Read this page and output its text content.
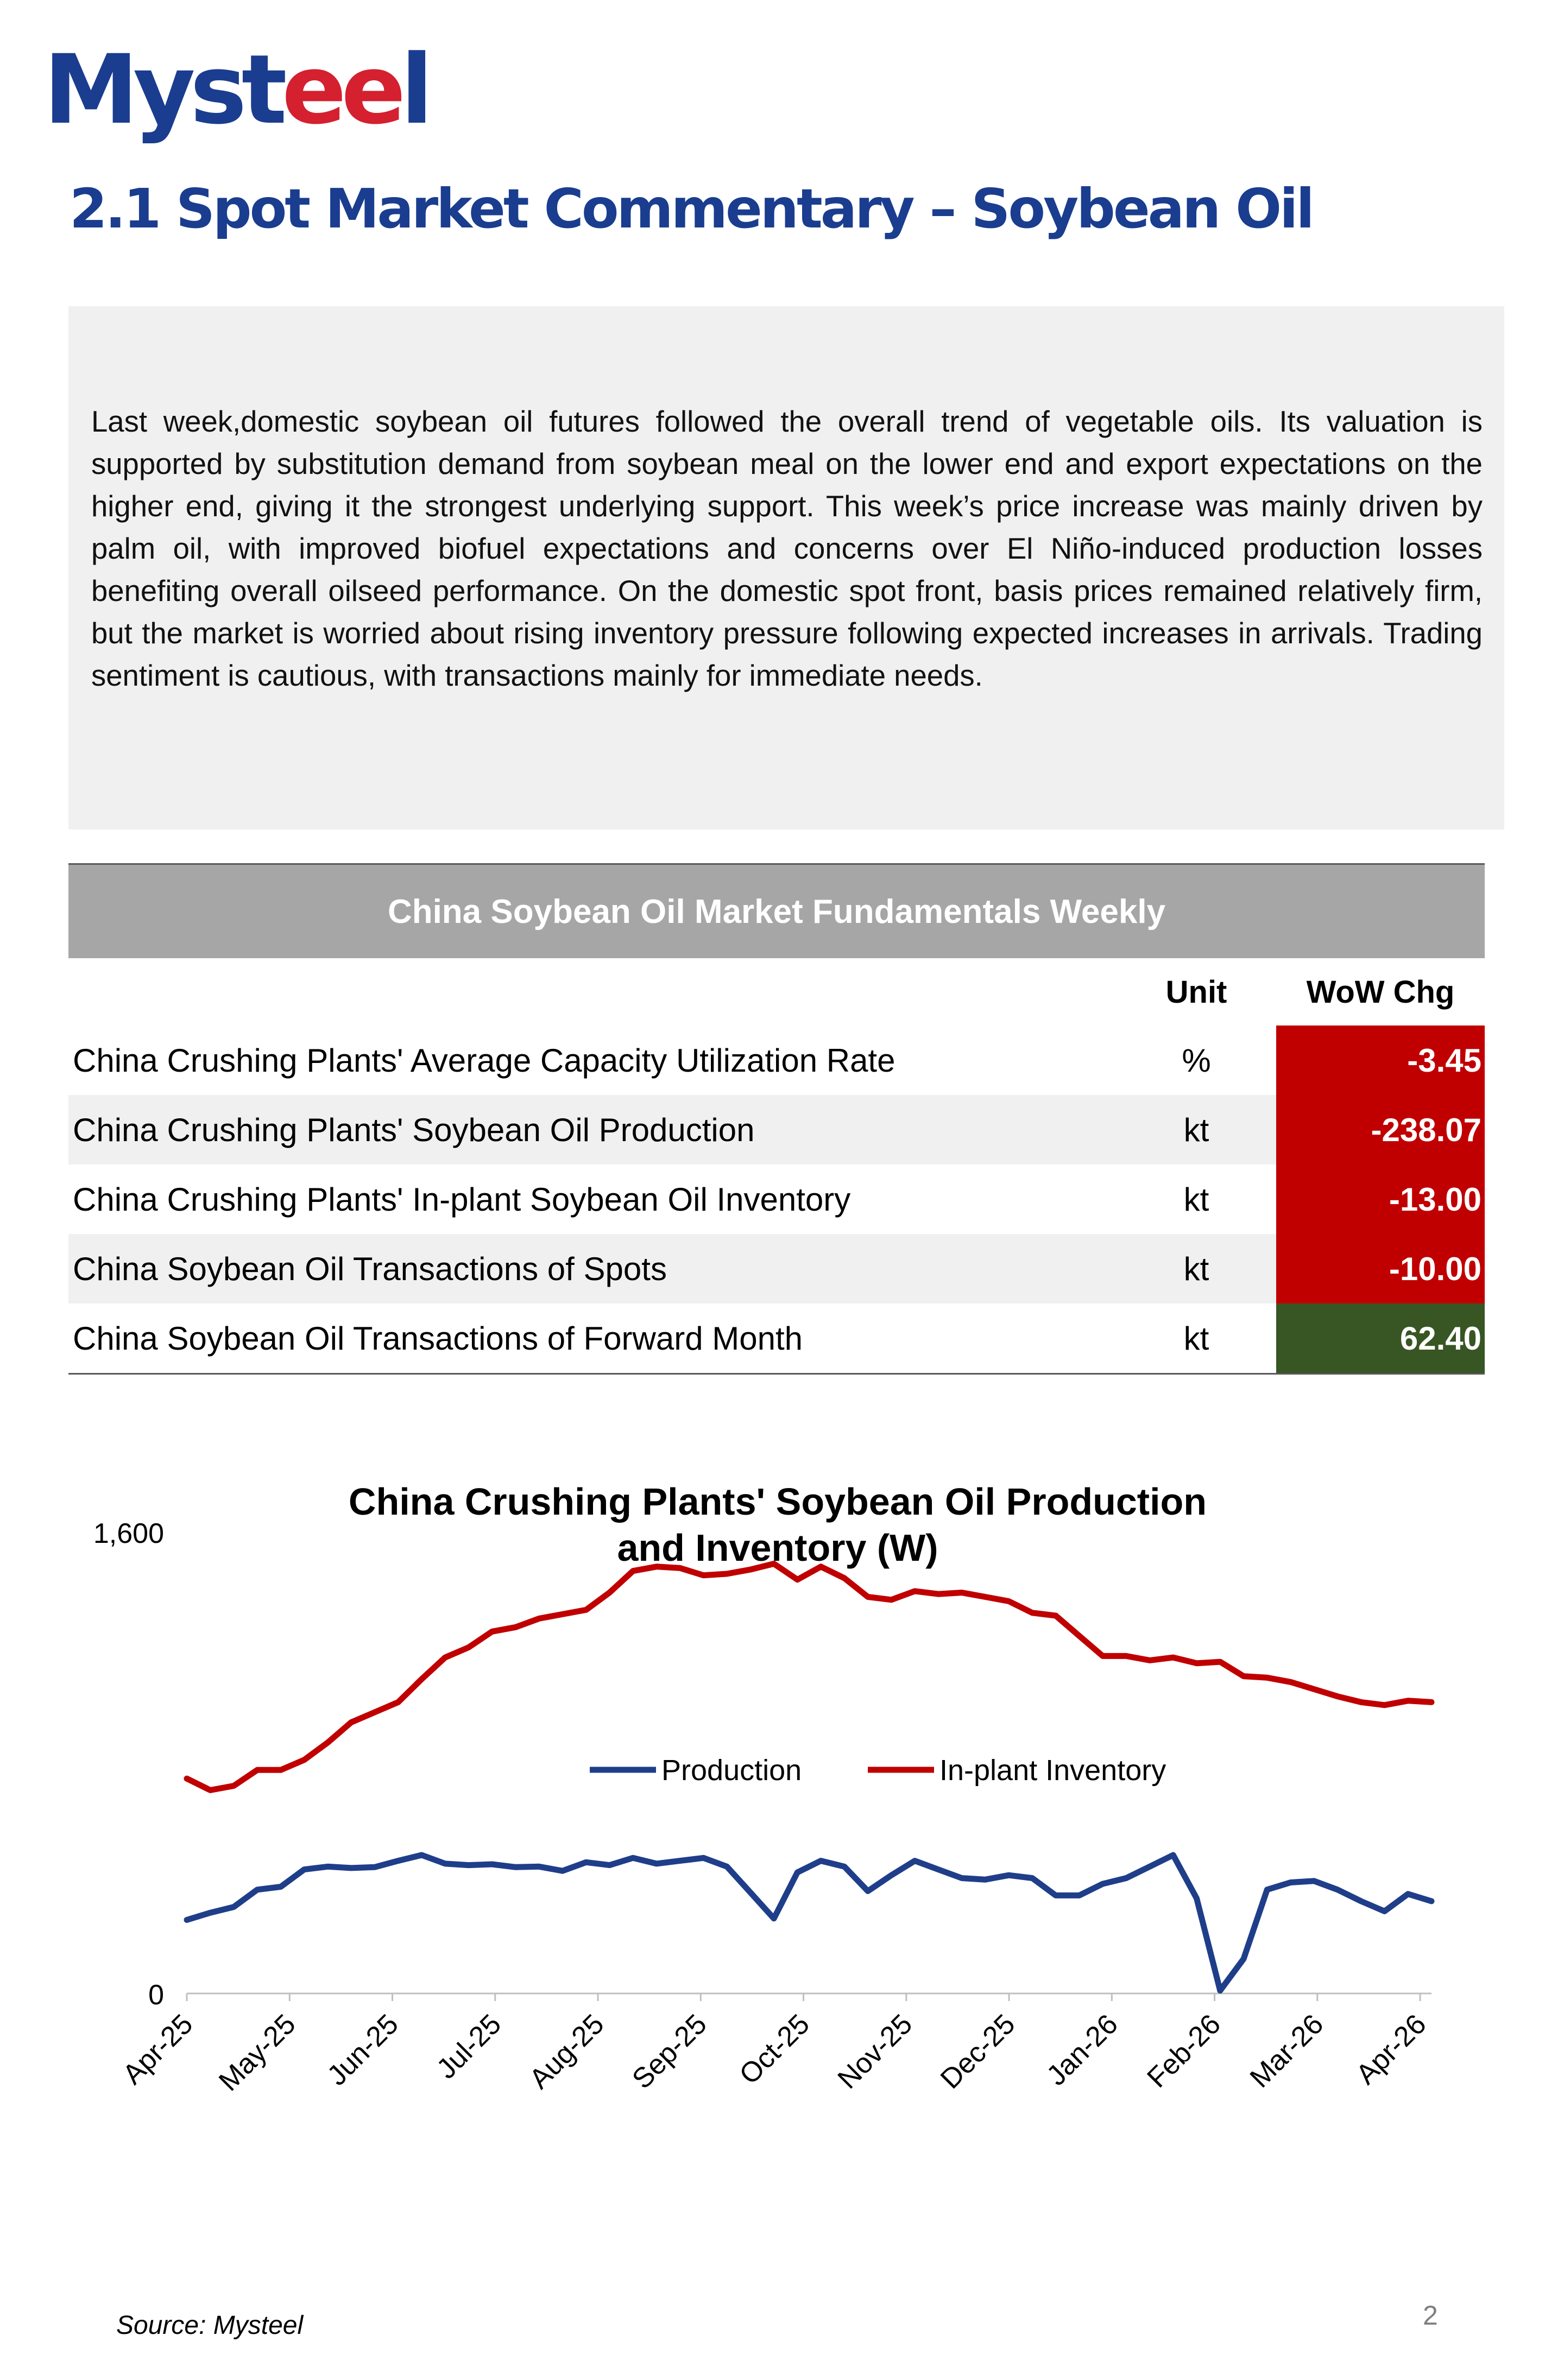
Mysteel
2.1 Spot Market Commentary – Soybean Oil

Last week,domestic soybean oil futures followed the overall trend of vegetable oils. Its valuation is supported by substitution demand from soybean meal on the lower end and export expectations on the higher end, giving it the strongest underlying support. This week’s price increase was mainly driven by palm oil, with improved biofuel expectations and concerns over El Niño-induced production losses benefiting overall oilseed performance. On the domestic spot front, basis prices remained relatively firm, but the market is worried about rising inventory pressure following expected increases in arrivals. Trading sentiment is cautious, with transactions mainly for immediate needs.

China Soybean Oil Market Fundamentals Weekly		
	Unit	WoW Chg
China Crushing Plants' Average Capacity Utilization Rate	%	-3.45
China Crushing Plants' Soybean Oil Production	kt	-238.07
China Crushing Plants' In-plant Soybean Oil Inventory	kt	-13.00
China Soybean Oil Transactions of Spots	kt	-10.00
China Soybean Oil Transactions of Forward Month	kt	62.40
China Crushing Plants' Soybean Oil Production
and Inventory (W)
0
1,600
Apr-25 May-25 Jun-25 Jul-25 Aug-25 Sep-25 Oct-25 Nov-25 Dec-25 Jan-26 Feb-26 Mar-26 Apr-26
Production	In-plant Inventory
Source: Mysteel	2
